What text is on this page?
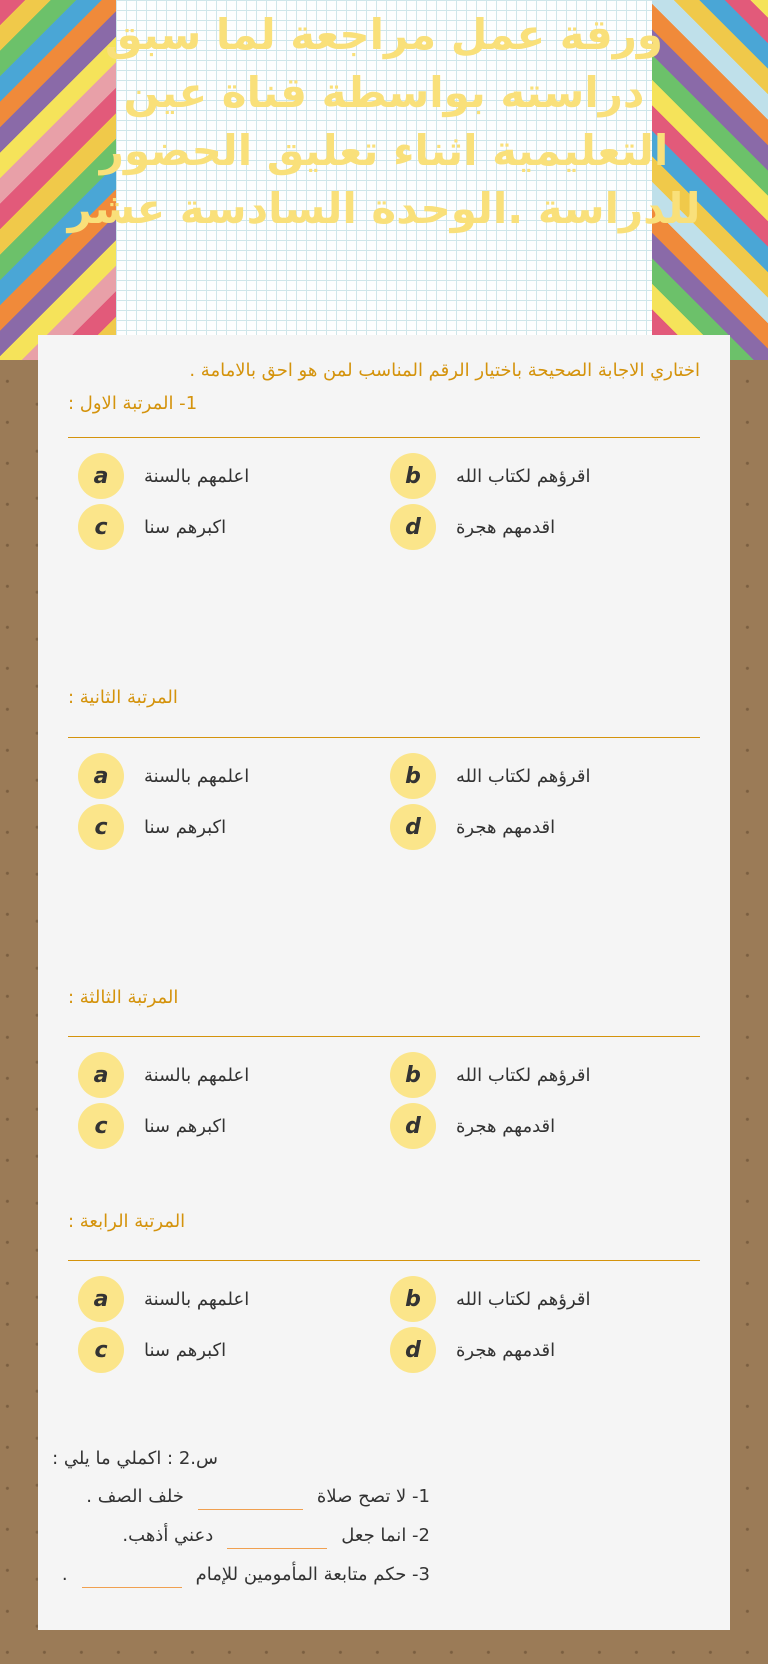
ورقة عمل مراجعة لما سبق دراسته بواسطة قناة عين التعليمية اثناء تعليق الحضور للدراسة .الوحدة السادسة عشر
اختاري الاجابة الصحيحة باختيار الرقم المناسب لمن هو احق بالامامة .
1- المرتبة الاول :
a	اعلمهم بالسنة	b	اقرؤهم لكتاب الله
c	اكبرهم سنا	d	اقدمهم هجرة
المرتبة الثانية :
a	اعلمهم بالسنة	b	اقرؤهم لكتاب الله
c	اكبرهم سنا	d	اقدمهم هجرة
المرتبة الثالثة :
a	اعلمهم بالسنة	b	اقرؤهم لكتاب الله
c	اكبرهم سنا	d	اقدمهم هجرة
المرتبة الرابعة :
a	اعلمهم بالسنة	b	اقرؤهم لكتاب الله
c	اكبرهم سنا	d	اقدمهم هجرة
س.2 : اكملي ما يلي :
1- لا تصح صلاةخلف الصف .
2- انما جعلدعني أذهب.
3- حكم متابعة المأمومين للإمام.
